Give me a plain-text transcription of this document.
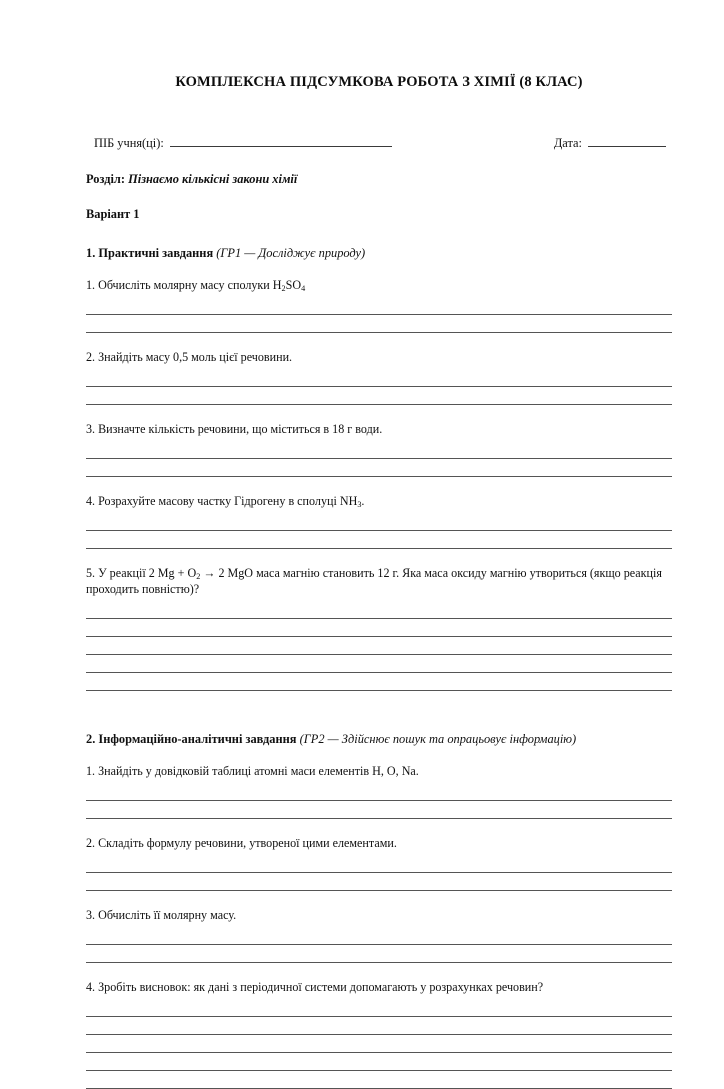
КОМПЛЕКСНА ПІДСУМКОВА РОБОТА З ХІМІЇ (8 КЛАС)
ПІБ учня(ці):	Дата:
Розділ: Пізнаємо кількісні закони хімії
Варіант 1
1. Практичні завдання (ГР1 — Досліджує природу)

1. Обчисліть молярну масу сполуки $H_2SO_4$

2. Знайдіть масу 0,5 моль цієї речовини.

3. Визначте кількість речовини, що міститься в 18 г води.

4. Розрахуйте масову частку Гідрогену в сполуці $NH_3$.

5. У реакції 2 $Mg + O_2 \to 2$ MgO маса магнію становить 12 г. Яка маса оксиду магнію утвориться (якщо реакція проходить повністю)?

2. Інформаційно-аналітичні завдання (ГР2 — Здійснює пошук та опрацьовує інформацію)

1. Знайдіть у довідковій таблиці атомні маси елементів H, O, Na.

2. Складіть формулу речовини, утвореної цими елементами.

3. Обчисліть її молярну масу.

4. Зробіть висновок: як дані з періодичної системи допомагають у розрахунках речовин?
